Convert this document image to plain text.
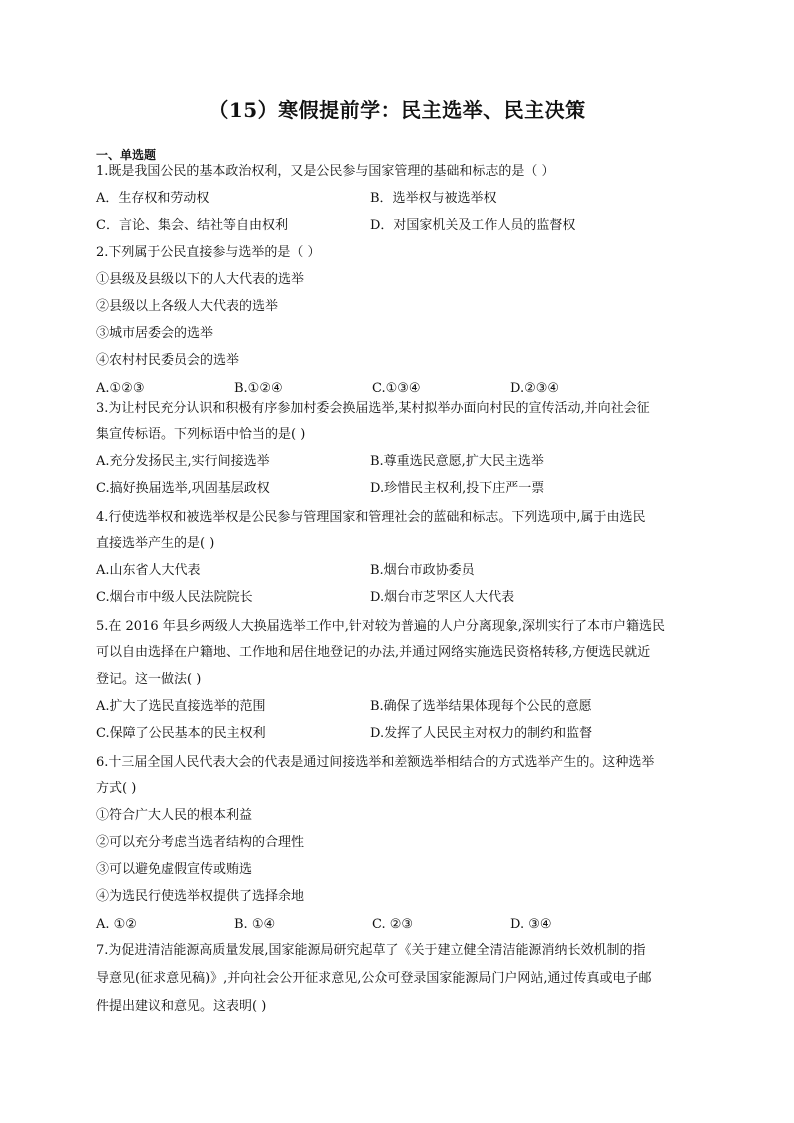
（15）寒假提前学：民主选举、民主决策
一、单选题
1.既是我国公民的基本政治权利，又是公民参与国家管理的基础和标志的是（ ）
A．生存权和劳动权	B．选举权与被选举权
C．言论、集会、结社等自由权利	D．对国家机关及工作人员的监督权
2.下列属于公民直接参与选举的是（ ）
①县级及县级以下的人大代表的选举
②县级以上各级人大代表的选举
③城市居委会的选举
④农村村民委员会的选举
A.①②③	B.①②④	C.①③④	D.②③④
3.为让村民充分认识和积极有序参加村委会换届选举,某村拟举办面向村民的宣传活动,并向社会征
集宣传标语。下列标语中恰当的是( )
A.充分发扬民主,实行间接选举	B.尊重选民意愿,扩大民主选举
C.搞好换届选举,巩固基层政权	D.珍惜民主权利,投下庄严一票
4.行使选举权和被选举权是公民参与管理国家和管理社会的蓝础和标志。下列选项中,属于由选民
直接选举产生的是( )
A.山东省人大代表	B.烟台市政协委员
C.烟台市中级人民法院院长	D.烟台市芝罘区人大代表
5.在 2016 年县乡两级人大换届选举工作中,针对较为普遍的人户分离现象,深圳实行了本市户籍选民
可以自由选择在户籍地、工作地和居住地登记的办法,并通过网络实施选民资格转移,方便选民就近
登记。这一做法( )
A.扩大了选民直接选举的范围	B.确保了选举结果体现每个公民的意愿
C.保障了公民基本的民主权利	D.发挥了人民民主对权力的制约和监督
6.十三届全国人民代表大会的代表是通过间接选举和差额选举相结合的方式选举产生的。这种选举
方式( )
①符合广大人民的根本利益
②可以充分考虑当选者结构的合理性
③可以避免虚假宣传或贿选
④为选民行使选举权提供了选择余地
A. ①②	B. ①④	C. ②③	D. ③④
7.为促进清洁能源高质量发展,国家能源局研究起草了《关于建立健全清洁能源消纳长效机制的指
导意见(征求意见稿)》,并向社会公开征求意见,公众可登录国家能源局门户网站,通过传真或电子邮
件提出建议和意见。这表明( )
